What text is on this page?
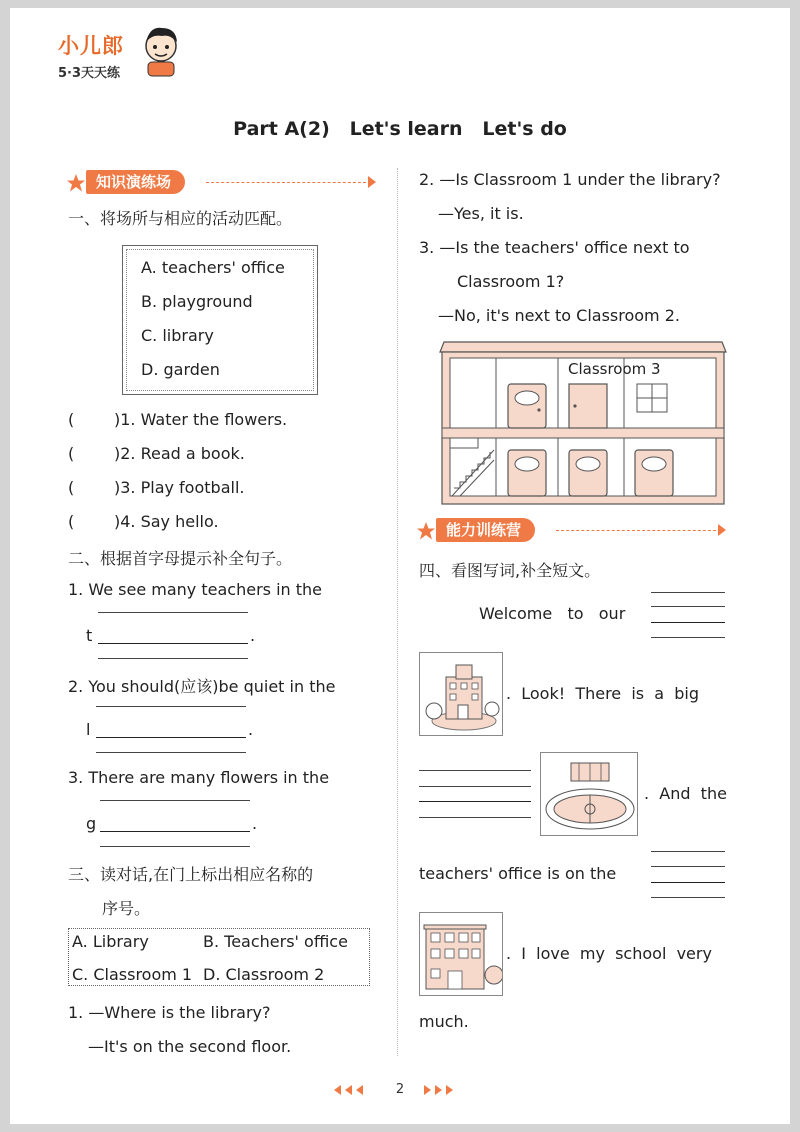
小儿郎
5·3天天练
Part A(2)   Let's learn   Let's do
知识演练场
一、将场所与相应的活动匹配。
A. teachers' office
B. playground
C. library
D. garden
( )1. Water the flowers.
( )2. Read a book.
( )3. Play football.
( )4. Say hello.
二、根据首字母提示补全句子。
1. We see many teachers in the
t	.
2. You should(应该)be quiet in the
l	.
3. There are many flowers in the
g	.
三、读对话,在门上标出相应名称的
序号。
A. Library	B. Teachers' office
C. Classroom 1 D. Classroom 2
1. —Where is the library?
—It's on the second floor.
2. —Is Classroom 1 under the library?
—Yes, it is.
3. —Is the teachers' office next to
Classroom 1?
—No, it's next to Classroom 2.
Classroom 3
能力训练营
四、看图写词,补全短文。
Welcome   to   our
.  Look!  There  is  a  big
.  And  the
teachers' office is on the
.  I  love  my  school  very
much.
2
